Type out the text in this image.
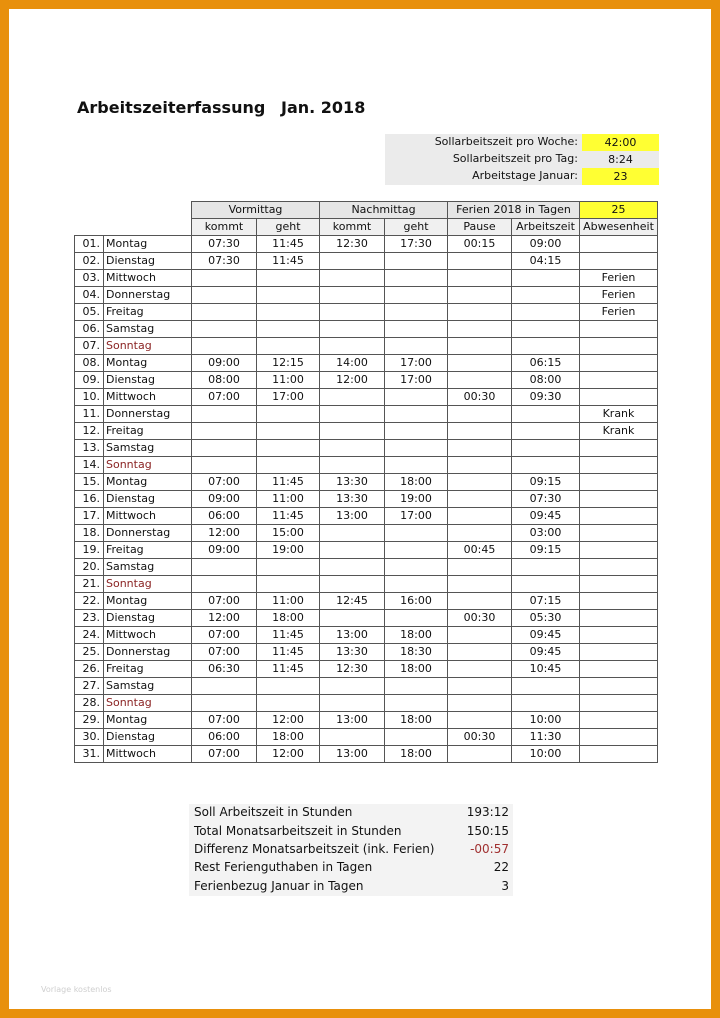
Arbeitszeiterfassung Jan. 2018
Sollarbeitszeit pro Woche:	42:00
Sollarbeitszeit pro Tag:	8:24
Arbeitstage Januar:	23
		Vormittag		Nachmittag		Ferien 2018 in Tagen		25
		kommt	geht	kommt	geht	Pause	Arbeitszeit	Abwesenheit
01.	Montag	07:30	11:45	12:30	17:30	00:15	09:00	
02.	Dienstag	07:30	11:45				04:15	
03.	Mittwoch							Ferien
04.	Donnerstag							Ferien
05.	Freitag							Ferien
06.	Samstag							
07.	Sonntag							
08.	Montag	09:00	12:15	14:00	17:00		06:15	
09.	Dienstag	08:00	11:00	12:00	17:00		08:00	
10.	Mittwoch	07:00	17:00			00:30	09:30	
11.	Donnerstag							Krank
12.	Freitag							Krank
13.	Samstag							
14.	Sonntag							
15.	Montag	07:00	11:45	13:30	18:00		09:15	
16.	Dienstag	09:00	11:00	13:30	19:00		07:30	
17.	Mittwoch	06:00	11:45	13:00	17:00		09:45	
18.	Donnerstag	12:00	15:00				03:00	
19.	Freitag	09:00	19:00			00:45	09:15	
20.	Samstag							
21.	Sonntag							
22.	Montag	07:00	11:00	12:45	16:00		07:15	
23.	Dienstag	12:00	18:00			00:30	05:30	
24.	Mittwoch	07:00	11:45	13:00	18:00		09:45	
25.	Donnerstag	07:00	11:45	13:30	18:30		09:45	
26.	Freitag	06:30	11:45	12:30	18:00		10:45	
27.	Samstag							
28.	Sonntag							
29.	Montag	07:00	12:00	13:00	18:00		10:00	
30.	Dienstag	06:00	18:00			00:30	11:30	
31.	Mittwoch	07:00	12:00	13:00	18:00		10:00	
Soll Arbeitszeit in Stunden	193:12
Total Monatsarbeitszeit in Stunden	150:15
Differenz Monatsarbeitszeit (ink. Ferien)	-00:57
Rest Ferienguthaben in Tagen	22
Ferienbezug Januar in Tagen	3
Vorlage kostenlos
